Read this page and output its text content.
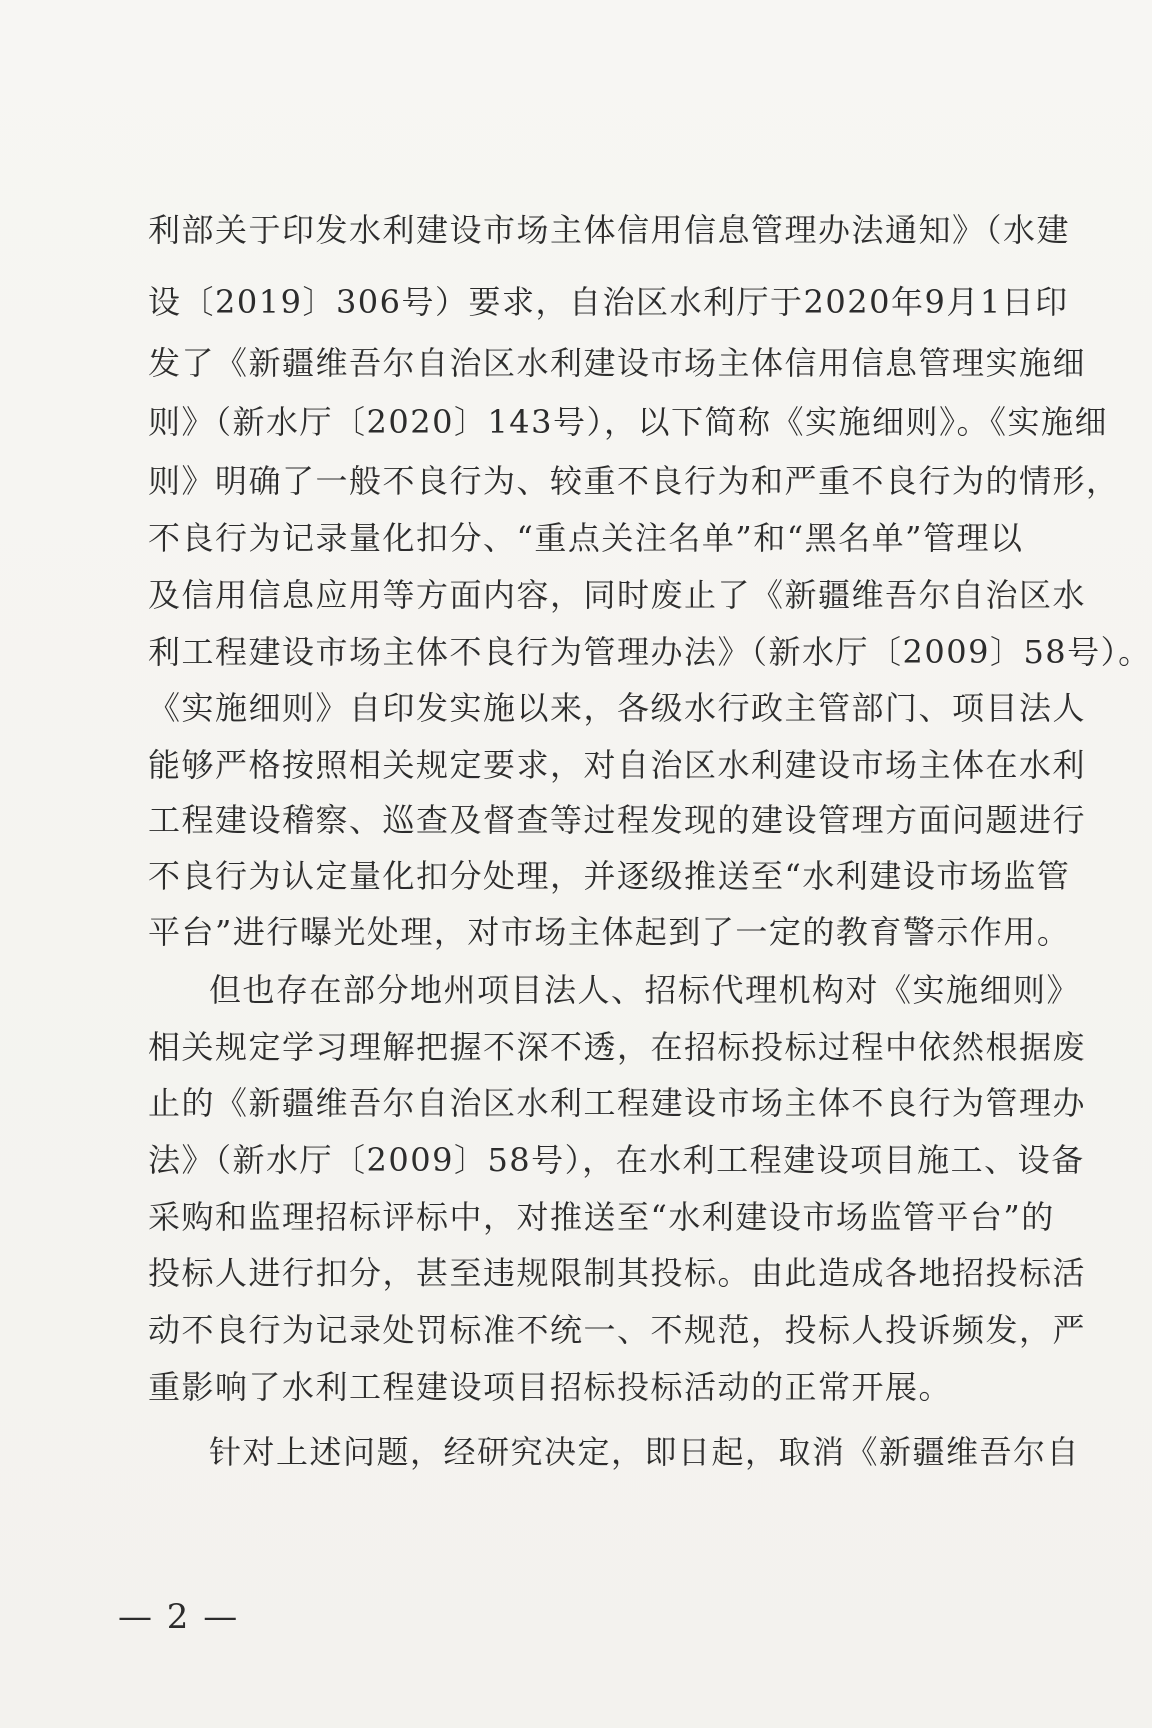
利部关于印发水利建设市场主体信用信息管理办法通知》（水建
设〔2019〕306号）要求，自治区水利厅于2020年9月1日印
发了《新疆维吾尔自治区水利建设市场主体信用信息管理实施细
则》（新水厅〔2020〕143号），以下简称《实施细则》。《实施细
则》明确了一般不良行为、较重不良行为和严重不良行为的情形，
不良行为记录量化扣分、“重点关注名单”和“黑名单”管理以
及信用信息应用等方面内容，同时废止了《新疆维吾尔自治区水
利工程建设市场主体不良行为管理办法》（新水厅〔2009〕58号）。
《实施细则》自印发实施以来，各级水行政主管部门、项目法人
能够严格按照相关规定要求，对自治区水利建设市场主体在水利
工程建设稽察、巡查及督查等过程发现的建设管理方面问题进行
不良行为认定量化扣分处理，并逐级推送至“水利建设市场监管
平台”进行曝光处理，对市场主体起到了一定的教育警示作用。
但也存在部分地州项目法人、招标代理机构对《实施细则》
相关规定学习理解把握不深不透，在招标投标过程中依然根据废
止的《新疆维吾尔自治区水利工程建设市场主体不良行为管理办
法》（新水厅〔2009〕58号），在水利工程建设项目施工、设备
采购和监理招标评标中，对推送至“水利建设市场监管平台”的
投标人进行扣分，甚至违规限制其投标。由此造成各地招投标活
动不良行为记录处罚标准不统一、不规范，投标人投诉频发，严
重影响了水利工程建设项目招标投标活动的正常开展。
针对上述问题，经研究决定，即日起，取消《新疆维吾尔自
— 2 —
